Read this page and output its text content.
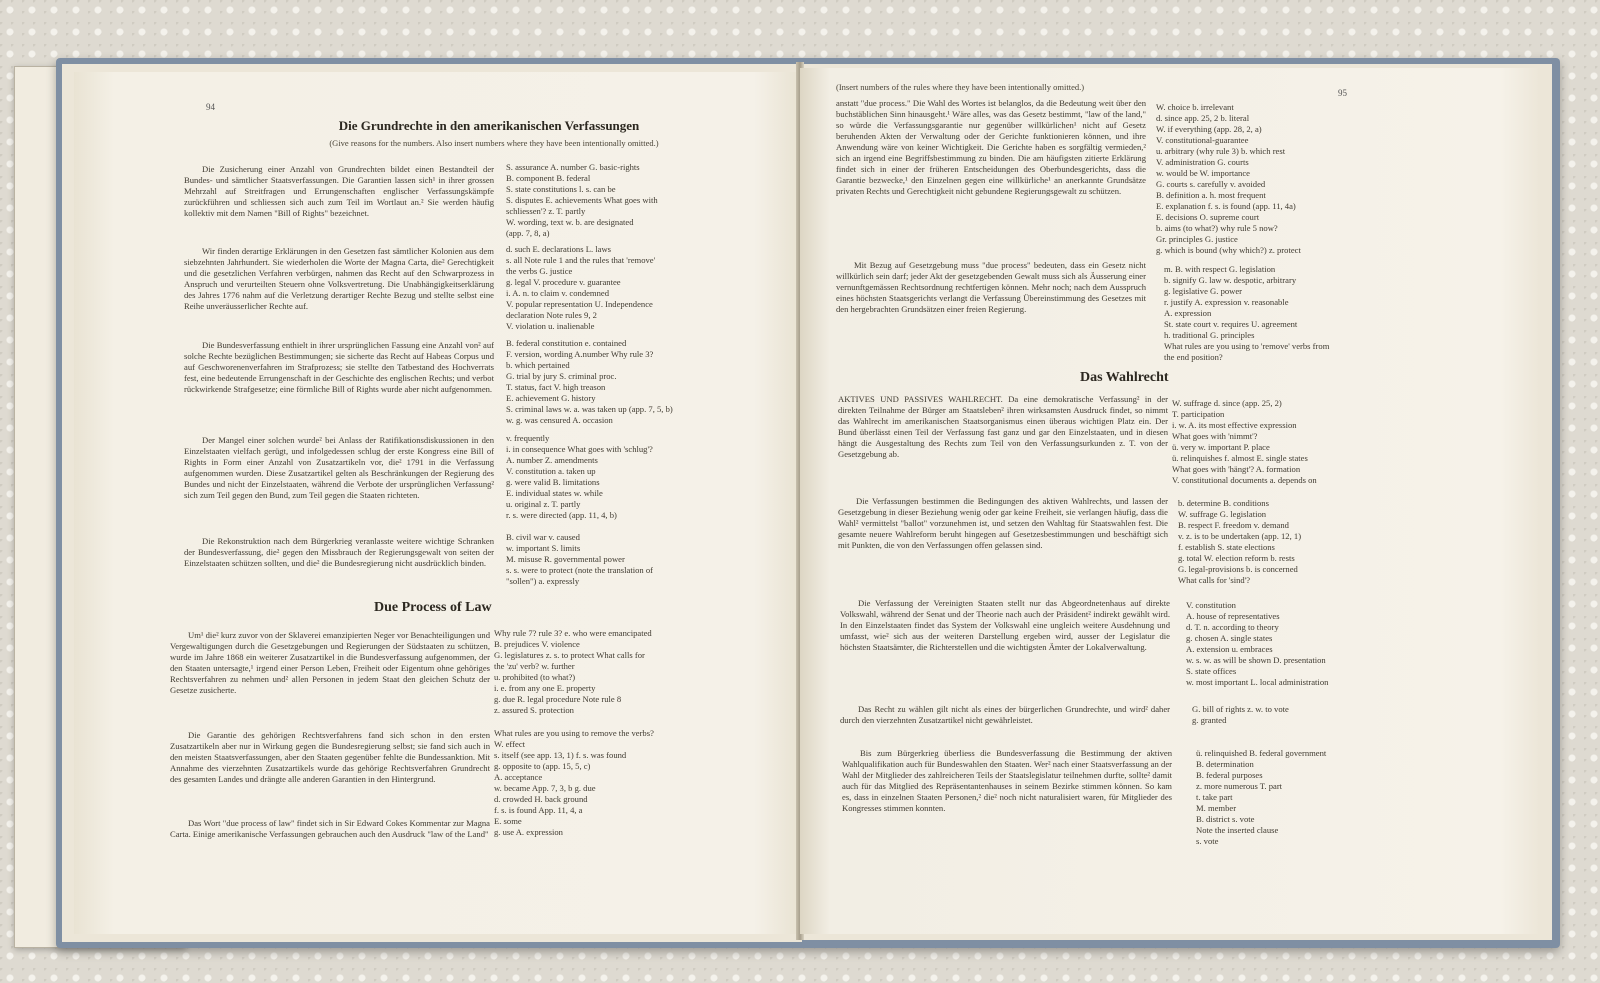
94
Die Grundrechte in den amerikanischen Verfassungen
(Give reasons for the numbers. Also insert numbers where they have been intentionally omitted.)

Die Zusicherung einer Anzahl von Grundrechten bildet einen Bestandteil der Bundes- und sämtlicher Staatsverfassungen. Die Garantien lassen sich¹ in ihrer grossen Mehrzahl auf Streitfragen und Errungenschaften englischer Verfassungskämpfe zurückführen und schliessen sich auch zum Teil im Wortlaut an.² Sie werden häufig kollektiv mit dem Namen "Bill of Rights" bezeichnet.

S. assurance A. number G. basic-rights
B. component B. federal
S. state constitutions l. s. can be
S. disputes E. achievements What goes with
schliessen'? z. T. partly
W. wording, text w. b. are designated
(app. 7, 8, a)

Wir finden derartige Erklärungen in den Gesetzen fast sämtlicher Kolonien aus dem siebzehnten Jahrhundert. Sie wiederholen die Worte der Magna Carta, die² Gerechtigkeit und die gesetzlichen Verfahren verbürgen, nahmen das Recht auf den Schwarprozess in Anspruch und verurteilten Steuern ohne Volksvertretung. Die Unabhängigkeitserklärung des Jahres 1776 nahm auf die Verletzung derartiger Rechte Bezug und stellte selbst eine Reihe unveräusserlicher Rechte auf.

d. such E. declarations L. laws
s. all Note rule 1 and the rules that 'remove'
the verbs G. justice
g. legal V. procedure v. guarantee
i. A. n. to claim v. condemned
V. popular representation U. Independence
declaration Note rules 9, 2
V. violation u. inalienable

Die Bundesverfassung enthielt in ihrer ursprünglichen Fassung eine Anzahl von² auf solche Rechte bezüglichen Bestimmungen; sie sicherte das Recht auf Habeas Corpus und auf Geschworenenverfahren im Strafprozess; sie stellte den Tatbestand des Hochverrats fest, eine bedeutende Errungenschaft in der Geschichte des englischen Rechts; und verbot rückwirkende Strafgesetze; eine förmliche Bill of Rights wurde aber nicht aufgenommen.

B. federal constitution e. contained
F. version, wording A.number Why rule 3?
b. which pertained
G. trial by jury S. criminal proc.
T. status, fact V. high treason
E. achievement G. history
S. criminal laws w. a. was taken up (app. 7, 5, b)
w. g. was censured A. occasion

Der Mangel einer solchen wurde² bei Anlass der Ratifikationsdiskussionen in den Einzelstaaten vielfach gerügt, und infolgedessen schlug der erste Kongress eine Bill of Rights in Form einer Anzahl von Zusatzartikeln vor, die² 1791 in die Verfassung aufgenommen wurden. Diese Zusatzartikel gelten als Beschränkungen der Regierung des Bundes und nicht der Einzelstaaten, während die Verbote der ursprünglichen Verfassung² sich zum Teil gegen den Bund, zum Teil gegen die Staaten richteten.

v. frequently
i. in consequence What goes with 'schlug'?
A. number Z. amendments
V. constitution a. taken up
g. were valid B. limitations
E. individual states w. while
u. original z. T. partly
r. s. were directed (app. 11, 4, b)

Die Rekonstruktion nach dem Bürgerkrieg veranlasste weitere wichtige Schranken der Bundesverfassung, die² gegen den Missbrauch der Regierungsgewalt von seiten der Einzelstaaten schützen sollten, und die² die Bundesregierung nicht ausdrücklich binden.

B. civil war v. caused
w. important S. limits
M. misuse R. governmental power
s. s. were to protect (note the translation of
"sollen") a. expressly
Due Process of Law

Um¹ die² kurz zuvor von der Sklaverei emanzipierten Neger vor Benachteiligungen und Vergewaltigungen durch die Gesetzgebungen und Regierungen der Südstaaten zu schützen, wurde im Jahre 1868 ein weiterer Zusatzartikel in die Bundesverfassung aufgenommen, der den Staaten untersagte,¹ irgend einer Person Leben, Freiheit oder Eigentum ohne gehöriges Rechtsverfahren zu nehmen und² allen Personen in jedem Staat den gleichen Schutz der Gesetze zusicherte.

Why rule 7? rule 3? e. who were emancipated
B. prejudices V. violence
G. legislatures z. s. to protect What calls for
the 'zu' verb? w. further
u. prohibited (to what?)
i. e. from any one E. property
g. due R. legal procedure Note rule 8
z. assured S. protection

Die Garantie des gehörigen Rechtsverfahrens fand sich schon in den ersten Zusatzartikeln aber nur in Wirkung gegen die Bundesregierung selbst; sie fand sich auch in den meisten Staatsverfassungen, aber den Staaten gegenüber fehlte die Bundessanktion. Mit Annahme des vierzehnten Zusatzartikels wurde das gehörige Rechtsverfahren Grundrecht des gesamten Landes und drängte alle anderen Garantien in den Hintergrund.

What rules are you using to remove the verbs?
W. effect
s. itself (see app. 13, 1) f. s. was found
g. opposite to (app. 15, 5, c)
A. acceptance
w. became App. 7, 3, b g. due
d. crowded H. back ground
f. s. is found App. 11, 4, a
E. some
g. use A. expression

Das Wort "due process of law" findet sich in Sir Edward Cokes Kommentar zur Magna Carta. Einige amerikanische Verfassungen gebrauchen auch den Ausdruck "law of the Land"

(Insert numbers of the rules where they have been intentionally omitted.)
95

anstatt "due process." Die Wahl des Wortes ist belanglos, da die Bedeutung weit über den buchstäblichen Sinn hinausgeht.¹ Wäre alles, was das Gesetz bestimmt, "law of the land," so würde die Verfassungsgarantie nur gegenüber willkürlichen¹ nicht auf Gesetz beruhenden Akten der Verwaltung oder der Gerichte funktionieren können, und ihre Anwendung wäre von keiner Wichtigkeit. Die Gerichte haben es sorgfältig vermieden,² sich an irgend eine Begriffsbestimmung zu binden. Die am häufigsten zitierte Erklärung findet sich in einer der früheren Entscheidungen des Oberbundesgerichts, dass die Garantie bezwecke,¹ den Einzelnen gegen eine willkürliche¹ an anerkannte Grundsätze privaten Rechts und Gerechtigkeit nicht gebundene Regierungsgewalt zu schützen.

W. choice b. irrelevant
d. since app. 25, 2 b. literal
W. if everything (app. 28, 2, a)
V. constitutional-guarantee
u. arbitrary (why rule 3) b. which rest
V. administration G. courts
w. would be W. importance
G. courts s. carefully v. avoided
B. definition a. h. most frequent
E. explanation f. s. is found (app. 11, 4a)
E. decisions O. supreme court
b. aims (to what?) why rule 5 now?
Gr. principles G. justice
g. which is bound (why which?) z. protect

Mit Bezug auf Gesetzgebung muss "due process" bedeuten, dass ein Gesetz nicht willkürlich sein darf; jeder Akt der gesetzgebenden Gewalt muss sich als Äusserung einer vernunftgemässen Rechtsordnung rechtfertigen können. Mehr noch; nach dem Ausspruch eines höchsten Staatsgerichts verlangt die Verfassung Übereinstimmung des Gesetzes mit den hergebrachten Grundsätzen einer freien Regierung.

m. B. with respect G. legislation
b. signify G. law w. despotic, arbitrary
g. legislative G. power
r. justify A. expression v. reasonable
A. expression
St. state court v. requires U. agreement
h. traditional G. principles
What rules are you using to 'remove' verbs from
the end position?
Das Wahlrecht

AKTIVES UND PASSIVES WAHLRECHT. Da eine demokratische Verfassung² in der direkten Teilnahme der Bürger am Staatsleben² ihren wirksamsten Ausdruck findet, so nimmt das Wahlrecht im amerikanischen Staatsorganismus einen überaus wichtigen Platz ein. Der Bund überlässt einen Teil der Verfassung fast ganz und gar den Einzelstaaten, und in diesen hängt die Ausgestaltung des Rechts zum Teil von den Verfassungsurkunden z. T. von der Gesetzgebung ab.

W. suffrage d. since (app. 25, 2)
T. participation
i. w. A. its most effective expression
What goes with 'nimmt'?
ü. very w. important P. place
ü. relinquishes f. almost E. single states
What goes with 'hängt'? A. formation
V. constitutional documents a. depends on

Die Verfassungen bestimmen die Bedingungen des aktiven Wahlrechts, und lassen der Gesetzgebung in dieser Beziehung wenig oder gar keine Freiheit, sie verlangen häufig, dass die Wahl² vermittelst "ballot" vorzunehmen ist, und setzen den Wahltag für Staatswahlen fest. Die gesamte neuere Wahlreform beruht hingegen auf Gesetzesbestimmungen und beschäftigt sich mit Punkten, die von den Verfassungen offen gelassen sind.

b. determine B. conditions
W. suffrage G. legislation
B. respect F. freedom v. demand
v. z. is to be undertaken (app. 12, 1)
f. establish S. state elections
g. total W. election reform b. rests
G. legal-provisions b. is concerned
What calls for 'sind'?

Die Verfassung der Vereinigten Staaten stellt nur das Abgeordnetenhaus auf direkte Volkswahl, während der Senat und der Theorie nach auch der Präsident² indirekt gewählt wird. In den Einzelstaaten findet das System der Volkswahl eine ungleich weitere Ausdehnung und umfasst, wie² sich aus der weiteren Darstellung ergeben wird, ausser der Legislatur die höchsten Staatsämter, die Richterstellen und die wichtigsten Ämter der Lokalverwaltung.

V. constitution
A. house of representatives
d. T. n. according to theory
g. chosen A. single states
A. extension u. embraces
w. s. w. as will be shown D. presentation
S. state offices
w. most important L. local administration

Das Recht zu wählen gilt nicht als eines der bürgerlichen Grundrechte, und wird² daher durch den vierzehnten Zusatzartikel nicht gewährleistet.

G. bill of rights z. w. to vote
g. granted

Bis zum Bürgerkrieg überliess die Bundesverfassung die Bestimmung der aktiven Wahlqualifikation auch für Bundeswahlen den Staaten. Wer² nach einer Staatsverfassung an der Wahl der Mitglieder des zahlreicheren Teils der Staatslegislatur teilnehmen durfte, sollte² damit auch für das Mitglied des Repräsentantenhauses in seinem Bezirke stimmen können. So kam es, dass in einzelnen Staaten Personen,² die² noch nicht naturalisiert waren, für Mitglieder des Kongresses stimmen konnten.

ü. relinquished B. federal government
B. determination
B. federal purposes
z. more numerous T. part
t. take part
M. member
B. district s. vote
Note the inserted clause
s. vote
